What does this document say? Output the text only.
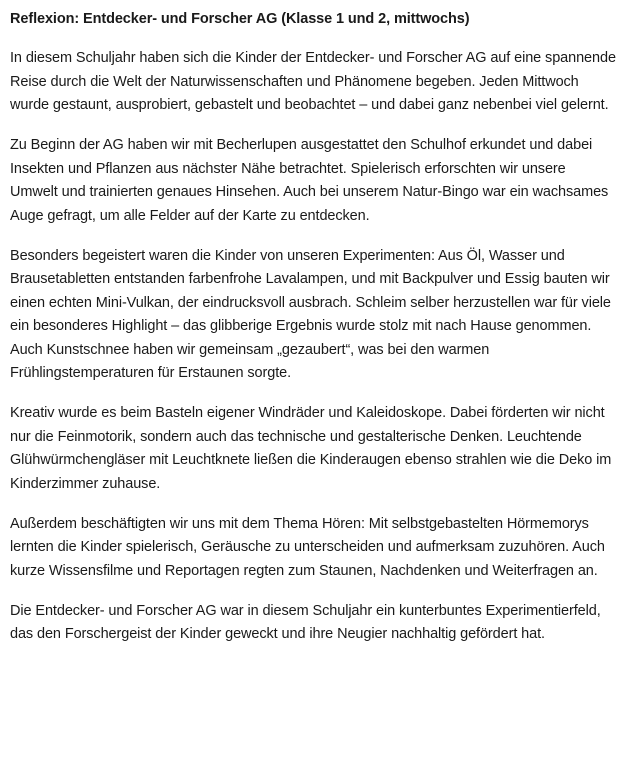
Reflexion: Entdecker- und Forscher AG (Klasse 1 und 2, mittwochs)

In diesem Schuljahr haben sich die Kinder der Entdecker- und Forscher AG auf eine spannende Reise durch die Welt der Naturwissenschaften und Phänomene begeben. Jeden Mittwoch wurde gestaunt, ausprobiert, gebastelt und beobachtet – und dabei ganz nebenbei viel gelernt.

Zu Beginn der AG haben wir mit Becherlupen ausgestattet den Schulhof erkundet und dabei Insekten und Pflanzen aus nächster Nähe betrachtet. Spielerisch erforschten wir unsere Umwelt und trainierten genaues Hinsehen. Auch bei unserem Natur-Bingo war ein wachsames Auge gefragt, um alle Felder auf der Karte zu entdecken.

Besonders begeistert waren die Kinder von unseren Experimenten: Aus Öl, Wasser und Brausetabletten entstanden farbenfrohe Lavalampen, und mit Backpulver und Essig bauten wir einen echten Mini-Vulkan, der eindrucksvoll ausbrach. Schleim selber herzustellen war für viele ein besonderes Highlight – das glibberige Ergebnis wurde stolz mit nach Hause genommen. Auch Kunstschnee haben wir gemeinsam „gezaubert“, was bei den warmen Frühlingstemperaturen für Erstaunen sorgte.

Kreativ wurde es beim Basteln eigener Windräder und Kaleidoskope. Dabei förderten wir nicht nur die Feinmotorik, sondern auch das technische und gestalterische Denken. Leuchtende Glühwürmchengläser mit Leuchtknete ließen die Kinderaugen ebenso strahlen wie die Deko im Kinderzimmer zuhause.

Außerdem beschäftigten wir uns mit dem Thema Hören: Mit selbstgebastelten Hörmemorys lernten die Kinder spielerisch, Geräusche zu unterscheiden und aufmerksam zuzuhören. Auch kurze Wissensfilme und Reportagen regten zum Staunen, Nachdenken und Weiterfragen an.

Die Entdecker- und Forscher AG war in diesem Schuljahr ein kunterbuntes Experimentierfeld, das den Forschergeist der Kinder geweckt und ihre Neugier nachhaltig gefördert hat.
